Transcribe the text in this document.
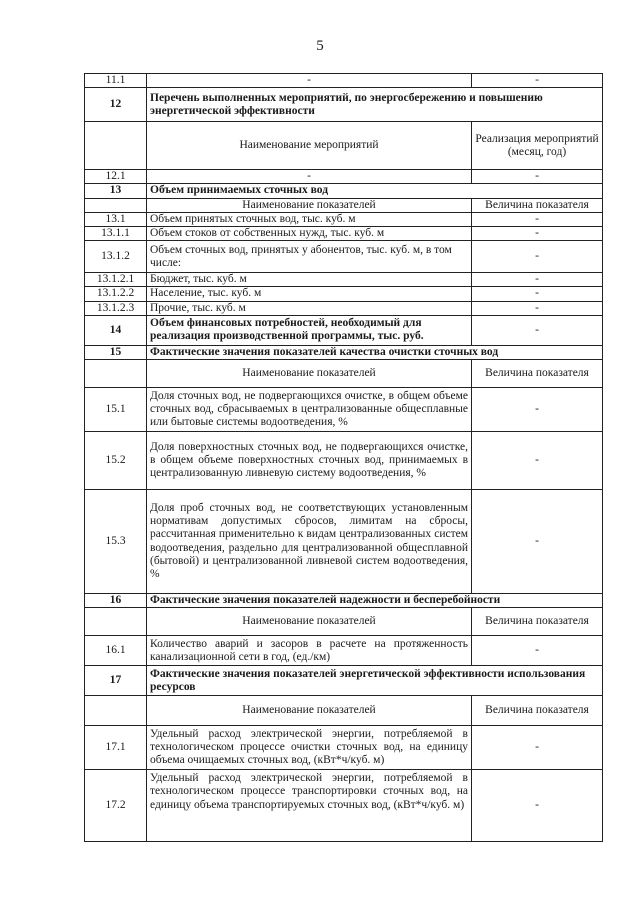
5
11.1	-	-
12	Перечень выполненных мероприятий, по энергосбережению и повышению энергетической эффективности	
	Наименование мероприятий	Реализация мероприятий (месяц, год)
12.1	-	-
13	Объем принимаемых сточных вод	
	Наименование показателей	Величина показателя
13.1	Объем принятых сточных вод, тыс. куб. м	-
13.1.1	Объем стоков от собственных нужд, тыс. куб. м	-
13.1.2	Объем сточных вод, принятых у абонентов, тыс. куб. м, в том числе:	-
13.1.2.1	Бюджет, тыс. куб. м	-
13.1.2.2	Население, тыс. куб. м	-
13.1.2.3	Прочие, тыс. куб. м	-
14	Объем финансовых потребностей, необходимый для реализация производственной программы, тыс. руб.	-
15	Фактические значения показателей качества очистки сточных вод	
	Наименование показателей	Величина показателя
15.1	Доля сточных вод, не подвергающихся очистке, в общем объеме сточных вод, сбрасываемых в централизованные общесплавные или бытовые системы водоотведения, %	-
15.2	Доля поверхностных сточных вод, не подвергающихся очистке, в общем объеме поверхностных сточных вод, принимаемых в централизованную ливневую систему водоотведения, %	-
15.3	Доля проб сточных вод, не соответствующих установленным нормативам допустимых сбросов, лимитам на сбросы, рассчитанная применительно к видам централизованных систем водоотведения, раздельно для централизованной общесплавной (бытовой) и централизованной ливневой систем водоотведения, %	-
16	Фактические значения показателей надежности и бесперебойности	
	Наименование показателей	Величина показателя
16.1	Количество аварий и засоров в расчете на протяженность канализационной сети в год, (ед./км)	-
17	Фактические значения показателей энергетической эффективности использования ресурсов	
	Наименование показателей	Величина показателя
17.1	Удельный расход электрической энергии, потребляемой в технологическом процессе очистки сточных вод, на единицу объема очищаемых сточных вод, (кВт*ч/куб. м)	-
17.2	Удельный расход электрической энергии, потребляемой в технологическом процессе транспортировки сточных вод, на единицу объема транспортируемых сточных вод, (кВт*ч/куб. м)	-
